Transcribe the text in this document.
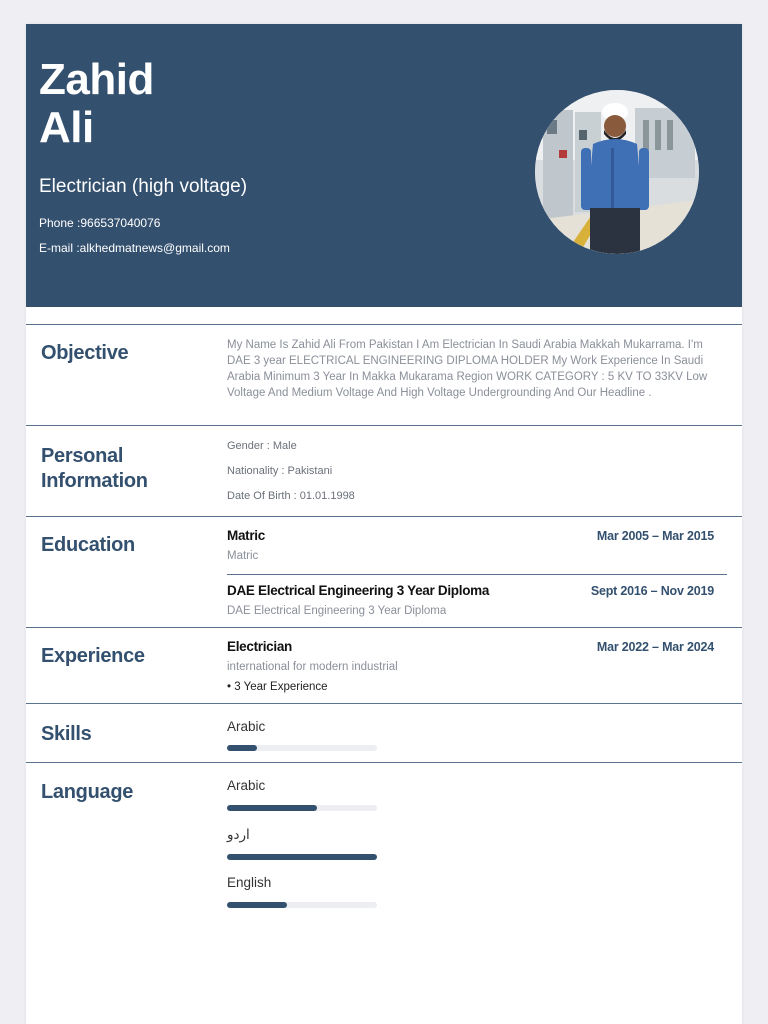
Zahid
Ali
Electrician (high voltage)
Phone :966537040076
E-mail :alkhedmatnews@gmail.com
Objective	My Name Is Zahid Ali From Pakistan I Am Electrician In Saudi Arabia Makkah Mukarrama. I'm DAE 3 year ELECTRICAL ENGINEERING DIPLOMA HOLDER My Work Experience In Saudi Arabia Minimum 3 Year In Makka Mukarama Region WORK CATEGORY : 5 KV TO 33KV Low Voltage And Medium Voltage And High Voltage Undergrounding And Our Headline .
Personal
Information
Gender : Male
Nationality : Pakistani
Date Of Birth : 01.01.1998
Education	Matric	Mar 2005 – Mar 2015
Matric
DAE Electrical Engineering 3 Year Diploma	Sept 2016 – Nov 2019
DAE Electrical Engineering 3 Year Diploma
Experience	Electrician	Mar 2022 – Mar 2024
international for modern industrial
• 3 Year Experience
Skills	Arabic
Language	Arabic
اردو
English
